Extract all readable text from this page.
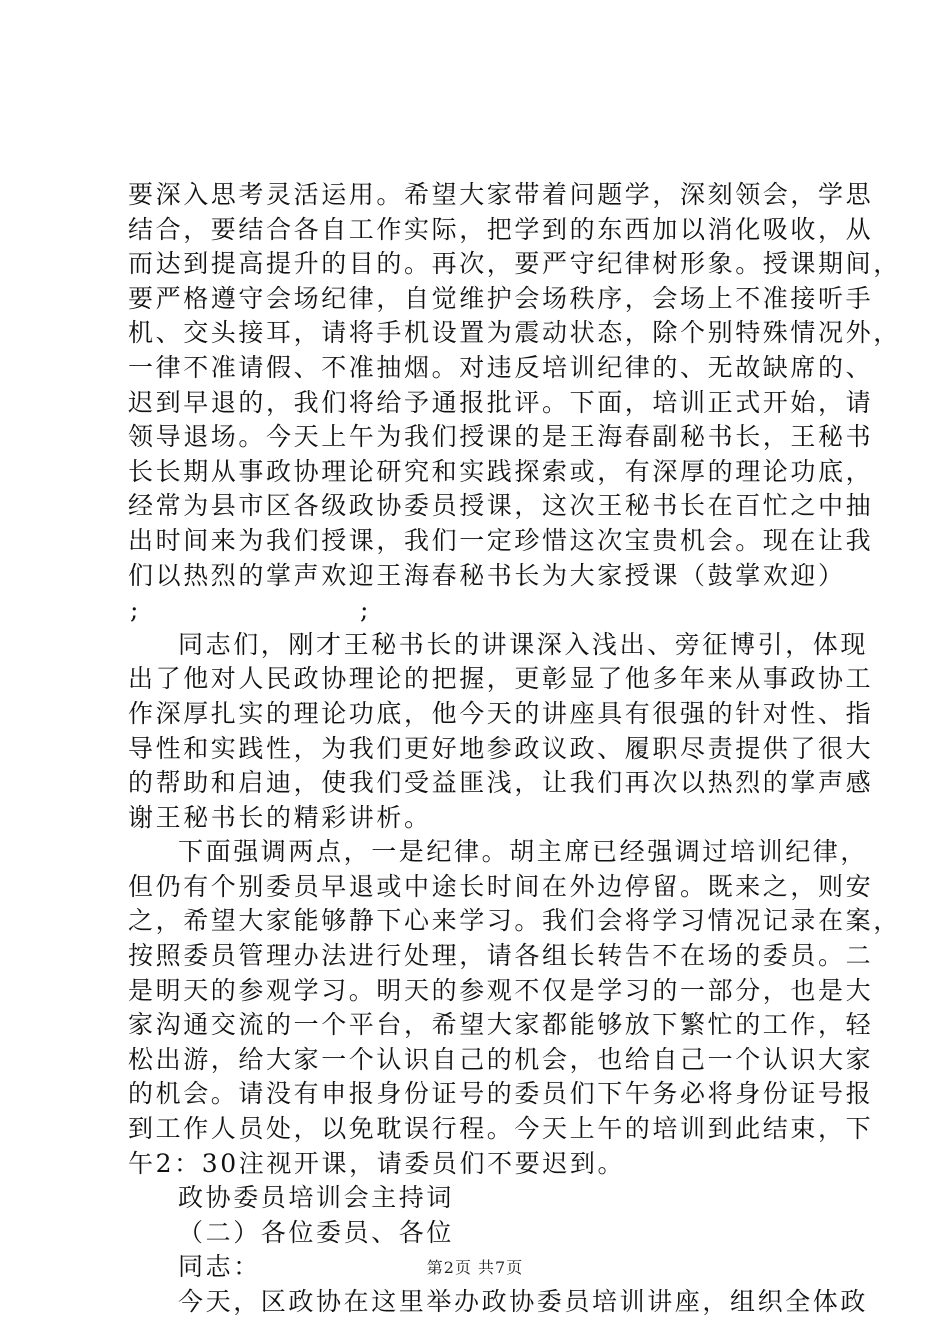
要深入思考灵活运用。希望大家带着问题学，深刻领会，学思
结合，要结合各自工作实际，把学到的东西加以消化吸收，从
而达到提高提升的目的。再次，要严守纪律树形象。授课期间，
要严格遵守会场纪律，自觉维护会场秩序，会场上不准接听手
机、交头接耳，请将手机设置为震动状态，除个别特殊情况外，
一律不准请假、不准抽烟。对违反培训纪律的、无故缺席的、
迟到早退的，我们将给予通报批评。下面，培训正式开始，请
领导退场。今天上午为我们授课的是王海春副秘书长，王秘书
长长期从事政协理论研究和实践探索或，有深厚的理论功底，
经常为县市区各级政协委员授课，这次王秘书长在百忙之中抽
出时间来为我们授课，我们一定珍惜这次宝贵机会。现在让我
们以热烈的掌声欢迎王海春秘书长为大家授课（鼓掌欢迎）
;	;
同志们，刚才王秘书长的讲课深入浅出、旁征博引，体现
出了他对人民政协理论的把握，更彰显了他多年来从事政协工
作深厚扎实的理论功底，他今天的讲座具有很强的针对性、指
导性和实践性，为我们更好地参政议政、履职尽责提供了很大
的帮助和启迪，使我们受益匪浅，让我们再次以热烈的掌声感
谢王秘书长的精彩讲析。
下面强调两点，一是纪律。胡主席已经强调过培训纪律，
但仍有个别委员早退或中途长时间在外边停留。既来之，则安
之，希望大家能够静下心来学习。我们会将学习情况记录在案，
按照委员管理办法进行处理，请各组长转告不在场的委员。二
是明天的参观学习。明天的参观不仅是学习的一部分，也是大
家沟通交流的一个平台，希望大家都能够放下繁忙的工作，轻
松出游，给大家一个认识自己的机会，也给自己一个认识大家
的机会。请没有申报身份证号的委员们下午务必将身份证号报
到工作人员处，以免耽误行程。今天上午的培训到此结束，下
午2：30注视开课，请委员们不要迟到。
政协委员培训会主持词
（二）各位委员、各位
同志：
今天，区政协在这里举办政协委员培训讲座，组织全体政
第2页 共7页
